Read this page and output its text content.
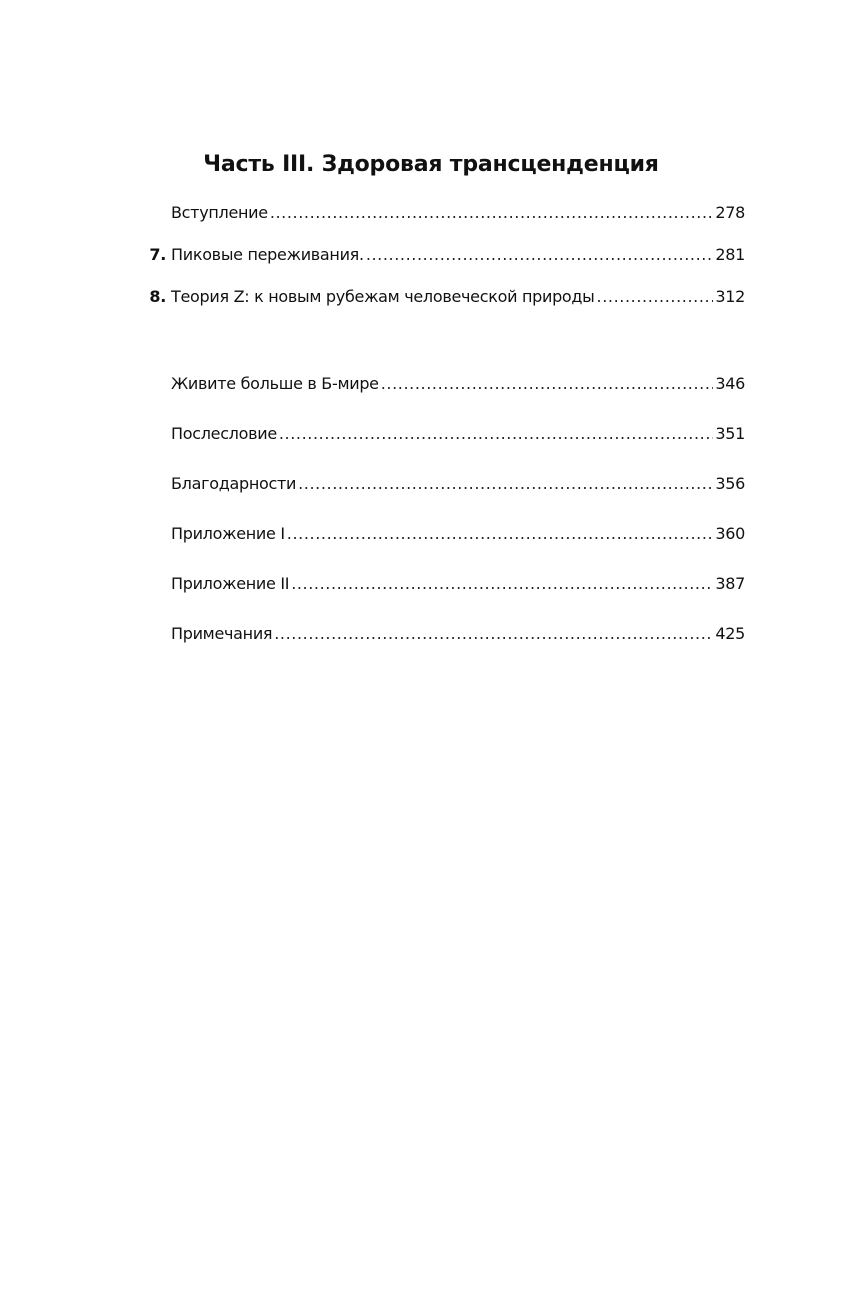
Часть III. Здоровая трансценденция
Вступление .....	278
7. Пиковые переживания. .....	281
8. Теория Z: к новым рубежам человеческой природы .....	312
Живите больше в Б-мире .....	346
Послесловие .....	351
Благодарности .....	356
Приложение I .....	360
Приложение II .....	387
Примечания .....	425
